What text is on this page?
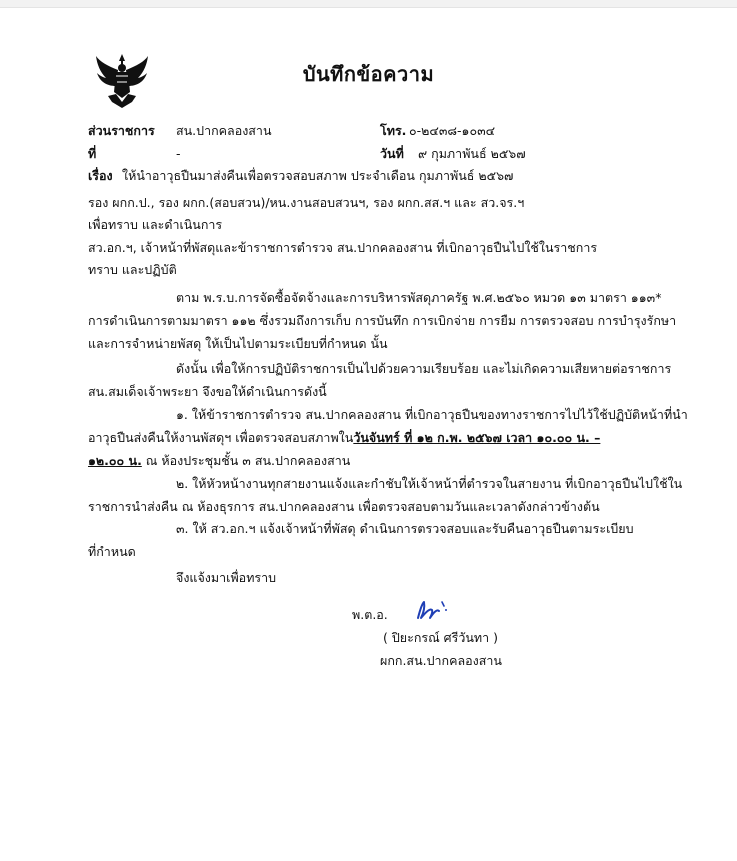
บันทึกข้อความ
ส่วนราชการ สน.ปากคลองสาน	โทร. ๐-๒๔๓๘-๑๐๓๔
ที่	-	วันที่ ๙ กุมภาพันธ์ ๒๕๖๗
เรื่อง ให้นำอาวุธปืนมาส่งคืนเพื่อตรวจสอบสภาพ ประจำเดือน กุมภาพันธ์ ๒๕๖๗
รอง ผกก.ป., รอง ผกก.(สอบสวน)/หน.งานสอบสวนฯ, รอง ผกก.สส.ฯ และ สว.จร.ฯ
เพื่อทราบ และดำเนินการ
สว.อก.ฯ, เจ้าหน้าที่พัสดุและข้าราชการตำรวจ สน.ปากคลองสาน ที่เบิกอาวุธปืนไปใช้ในราชการ
ทราบ และปฏิบัติ
ตาม พ.ร.บ.การจัดซื้อจัดจ้างและการบริหารพัสดุภาครัฐ พ.ศ.๒๕๖๐ หมวด ๑๓ มาตรา ๑๑๓*
การดำเนินการตามมาตรา ๑๑๒ ซึ่งรวมถึงการเก็บ การบันทึก การเบิกจ่าย การยืม การตรวจสอบ การบำรุงรักษา
และการจำหน่ายพัสดุ ให้เป็นไปตามระเบียบที่กำหนด นั้น
ดังนั้น เพื่อให้การปฏิบัติราชการเป็นไปด้วยความเรียบร้อย และไม่เกิดความเสียหายต่อราชการ
สน.สมเด็จเจ้าพระยา จึงขอให้ดำเนินการดังนี้
๑. ให้ข้าราชการตำรวจ สน.ปากคลองสาน ที่เบิกอาวุธปืนของทางราชการไปไว้ใช้ปฏิบัติหน้าที่นำ
อาวุธปืนส่งคืนให้งานพัสดุฯ เพื่อตรวจสอบสภาพในวันจันทร์ ที่ ๑๒ ก.พ. ๒๕๖๗ เวลา ๑๐.๐๐ น. –
๑๒.๐๐ น. ณ ห้องประชุมชั้น ๓ สน.ปากคลองสาน
๒. ให้หัวหน้างานทุกสายงานแจ้งและกำชับให้เจ้าหน้าที่ตำรวจในสายงาน ที่เบิกอาวุธปืนไปใช้ใน
ราชการนำส่งคืน ณ ห้องธุรการ สน.ปากคลองสาน เพื่อตรวจสอบตามวันและเวลาดังกล่าวข้างต้น
๓. ให้ สว.อก.ฯ แจ้งเจ้าหน้าที่พัสดุ ดำเนินการตรวจสอบและรับคืนอาวุธปืนตามระเบียบ
ที่กำหนด
จึงแจ้งมาเพื่อทราบ
พ.ต.อ.
( ปิยะกรณ์ ศรีวันทา )
ผกก.สน.ปากคลองสาน
